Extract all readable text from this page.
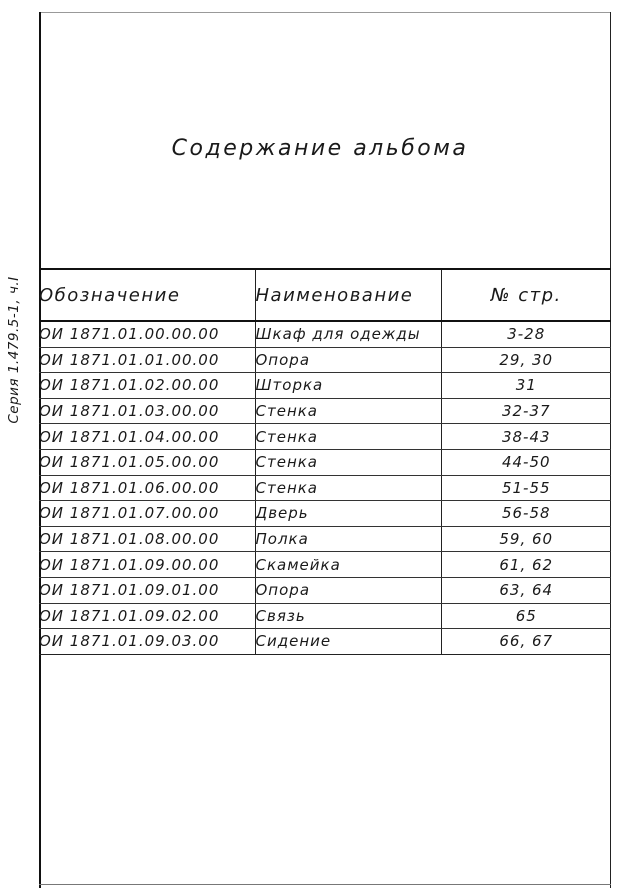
Серия 1.479.5-1, ч.I
Содержание альбома
Обозначение	Наименование	№ стр.
ОИ 1871.01.00.00.00	Шкаф для одежды	3-28
ОИ 1871.01.01.00.00	Опора	29, 30
ОИ 1871.01.02.00.00	Шторка	31
ОИ 1871.01.03.00.00	Стенка	32-37
ОИ 1871.01.04.00.00	Стенка	38-43
ОИ 1871.01.05.00.00	Стенка	44-50
ОИ 1871.01.06.00.00	Стенка	51-55
ОИ 1871.01.07.00.00	Дверь	56-58
ОИ 1871.01.08.00.00	Полка	59, 60
ОИ 1871.01.09.00.00	Скамейка	61, 62
ОИ 1871.01.09.01.00	Опора	63, 64
ОИ 1871.01.09.02.00	Связь	65
ОИ 1871.01.09.03.00	Сидение	66, 67
